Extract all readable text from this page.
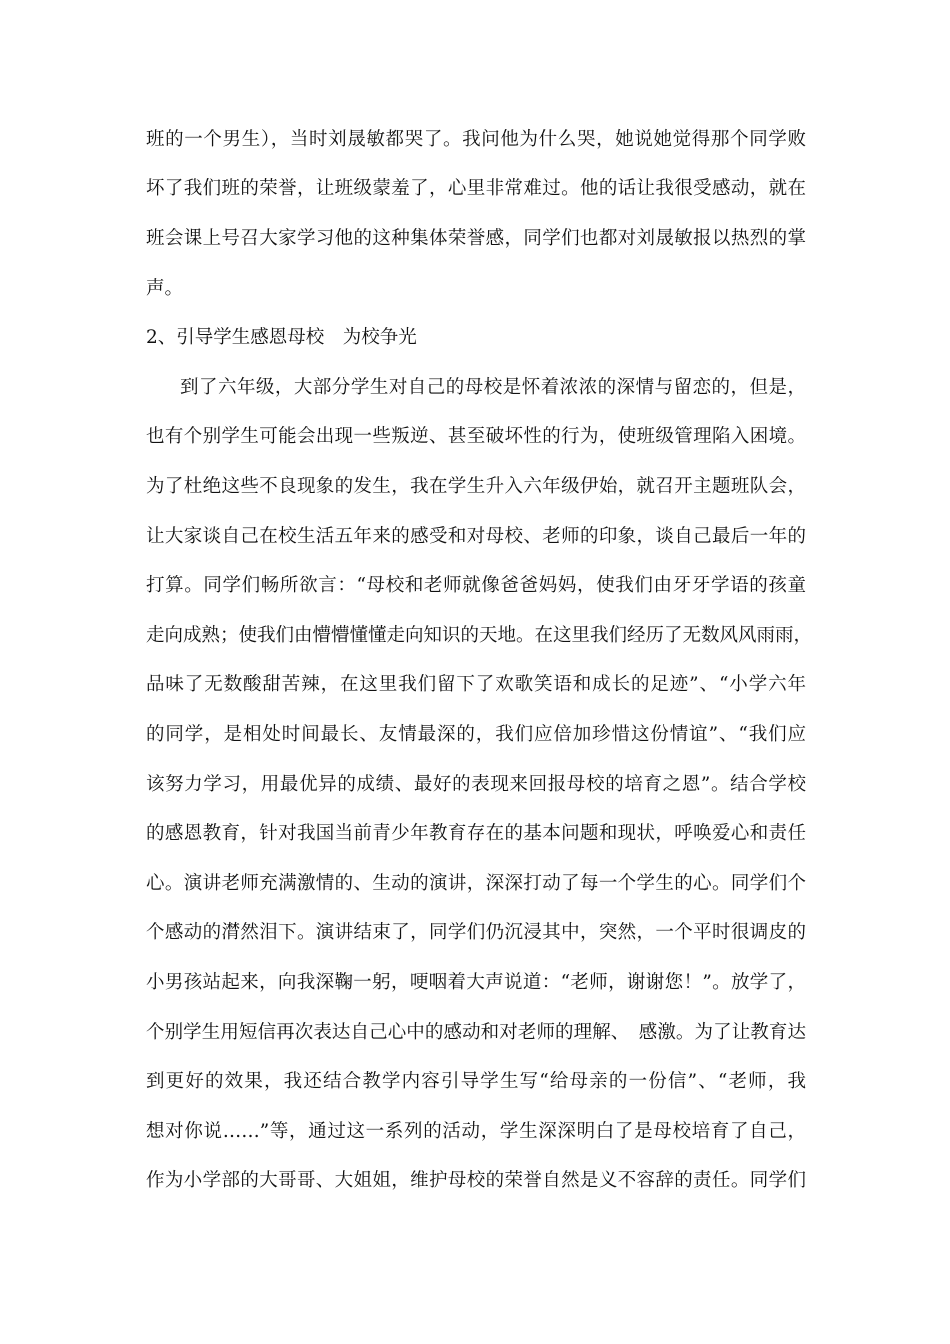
班的一个男生），当时刘晟敏都哭了。我问他为什么哭，她说她觉得那个同学败
坏了我们班的荣誉，让班级蒙羞了，心里非常难过。他的话让我很受感动，就在
班会课上号召大家学习他的这种集体荣誉感，同学们也都对刘晟敏报以热烈的掌
声。
2、引导学生感恩母校　为校争光
到了六年级，大部分学生对自己的母校是怀着浓浓的深情与留恋的，但是，
也有个别学生可能会出现一些叛逆、甚至破坏性的行为，使班级管理陷入困境。
为了杜绝这些不良现象的发生，我在学生升入六年级伊始，就召开主题班队会，
让大家谈自己在校生活五年来的感受和对母校、老师的印象，谈自己最后一年的
打算。同学们畅所欲言：“母校和老师就像爸爸妈妈，使我们由牙牙学语的孩童
走向成熟；使我们由懵懵懂懂走向知识的天地。在这里我们经历了无数风风雨雨，
品味了无数酸甜苦辣，在这里我们留下了欢歌笑语和成长的足迹”、“小学六年
的同学，是相处时间最长、友情最深的，我们应倍加珍惜这份情谊”、“我们应
该努力学习，用最优异的成绩、最好的表现来回报母校的培育之恩”。结合学校
的感恩教育，针对我国当前青少年教育存在的基本问题和现状，呼唤爱心和责任
心。演讲老师充满激情的、生动的演讲，深深打动了每一个学生的心。同学们个
个感动的潸然泪下。演讲结束了，同学们仍沉浸其中，突然，一个平时很调皮的
小男孩站起来，向我深鞠一躬，哽咽着大声说道：“老师，谢谢您！”。放学了，
个别学生用短信再次表达自己心中的感动和对老师的理解、　感激。为了让教育达
到更好的效果，我还结合教学内容引导学生写“给母亲的一份信”、“老师，我
想对你说……”等，通过这一系列的活动，学生深深明白了是母校培育了自己，
作为小学部的大哥哥、大姐姐，维护母校的荣誉自然是义不容辞的责任。同学们
